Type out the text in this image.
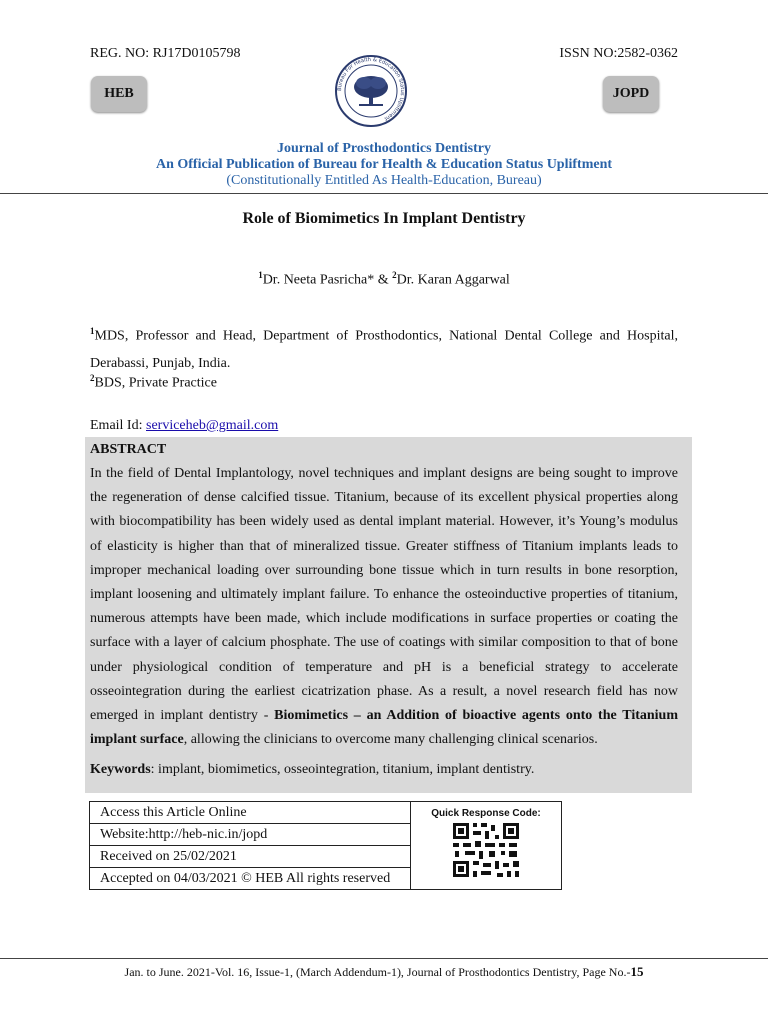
REG. NO: RJ17D0105798	ISSN NO:2582-0362
HEB	JOPD
Bureau For Health & Education Status Upliftment
Journal of Prosthodontics Dentistry
An Official Publication of Bureau for Health & Education Status Upliftment
(Constitutionally Entitled As Health-Education, Bureau)
Role of Biomimetics In Implant Dentistry
$^1$Dr. Neeta Pasricha* & $^2$Dr. Karan Aggarwal
$^1$MDS, Professor and Head, Department of Prosthodontics, National Dental College and Hospital, Derabassi, Punjab, India.
$^2$BDS, Private Practice
Email Id: serviceheb@gmail.com
ABSTRACT
In the field of Dental Implantology, novel techniques and implant designs are being sought to improve the regeneration of dense calcified tissue. Titanium, because of its excellent physical properties along with biocompatibility has been widely used as dental implant material. However, it’s Young’s modulus of elasticity is higher than that of mineralized tissue. Greater stiffness of Titanium implants leads to improper mechanical loading over surrounding bone tissue which in turn results in bone resorption, implant loosening and ultimately implant failure. To enhance the osteoinductive properties of titanium, numerous attempts have been made, which include modifications in surface properties or coating the surface with a layer of calcium phosphate. The use of coatings with similar composition to that of bone under physiological condition of temperature and pH is a beneficial strategy to accelerate osseointegration during the earliest cicatrization phase. As a result, a novel research field has now emerged in implant dentistry - Biomimetics – an Addition of bioactive agents onto the Titanium implant surface, allowing the clinicians to overcome many challenging clinical scenarios.
Keywords: implant, biomimetics, osseointegration, titanium, implant dentistry.
Access this Article Online	Quick Response Code:

Website:http://heb-nic.in/jopd
Received on 25/02/2021
Accepted on 04/03/2021 © HEB All rights reserved
Jan. to June. 2021-Vol. 16, Issue-1, (March Addendum-1), Journal of Prosthodontics Dentistry, Page No.-15
